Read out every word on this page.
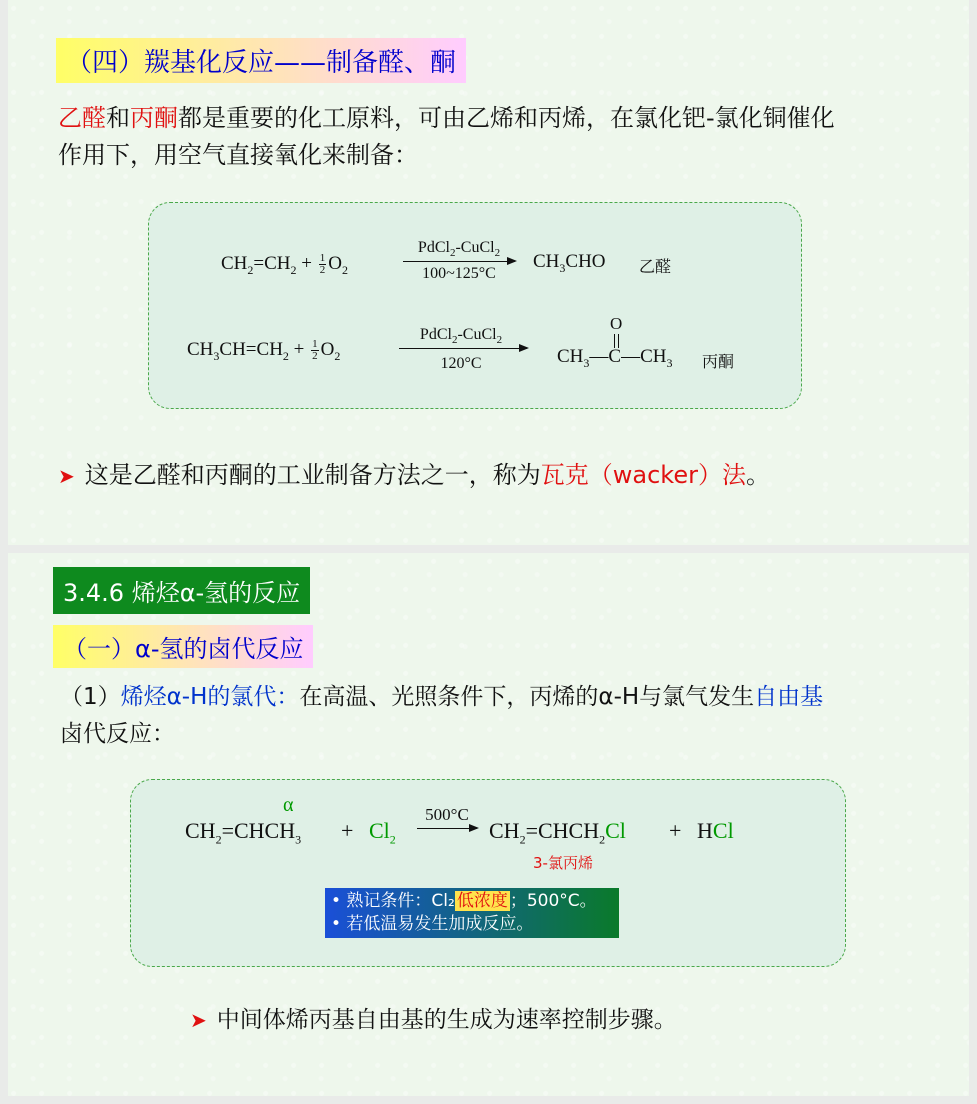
（四）羰基化反应——制备醛、酮
乙醛和丙酮都是重要的化工原料，可由乙烯和丙烯，在氯化钯-氯化铜催化
作用下，用空气直接氧化来制备：
$CH_2=CH_2 + \frac{1}{2} O_2$
PdCl$_2$-CuCl$_2$
100~125°C
$CH_3CHO$ 乙醛
$CH_3CH=CH_2 + \frac{1}{2} O_2$
PdCl$_2$-CuCl$_2$
120°C
O
$CH_3—C—CH_3$ 丙酮
➤ 这是乙醛和丙酮的工业制备方法之一，称为瓦克（wacker）法。
3.4.6 烯烃α-氢的反应
（一）α-氢的卤代反应
（1）烯烃α-H的氯代：在高温、光照条件下，丙烯的α-H与氯气发生自由基
卤代反应：
α
$CH_2=CHCH_3 + Cl_2$
500°C
→ $CH_2=CHCH_2Cl$ + HCl
3-氯丙烯
• 熟记条件：Cl₂ 低浓度 ；500°C。
• 若低温易发生加成反应。
➤ 中间体烯丙基自由基的生成为速率控制步骤。
